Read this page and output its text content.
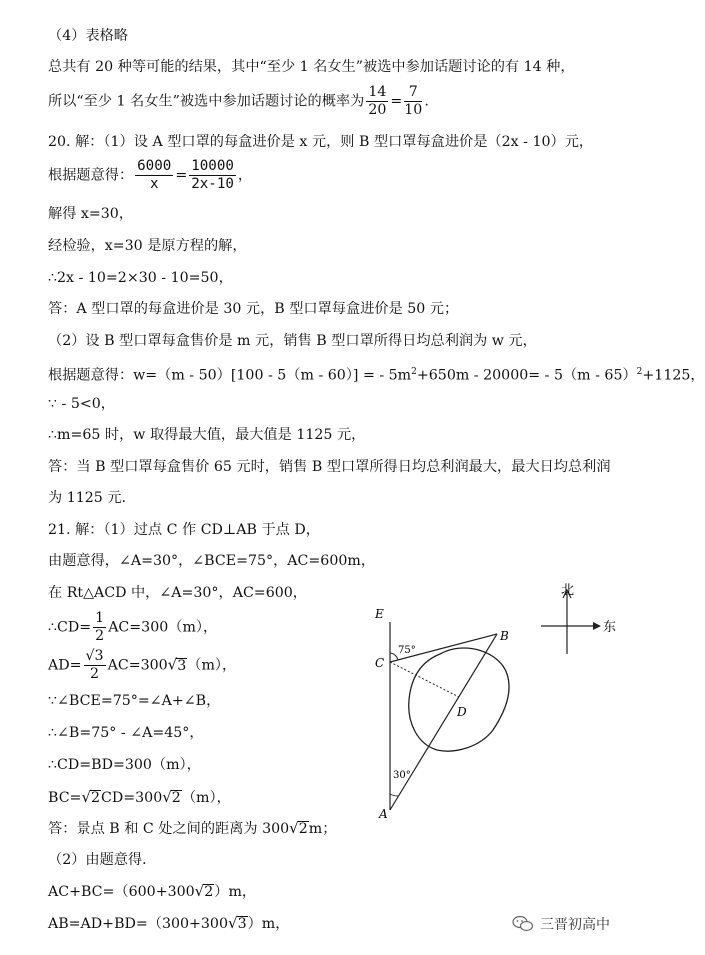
（4）表格略
总共有 20 种等可能的结果，其中“至少 1 名女生”被选中参加话题讨论的有 14 种，
所以“至少 1 名女生”被选中参加话题讨论的概率为 $\frac{14}{20} = \frac{7}{10}$ .
20. 解：（1）设 A 型口罩的每盒进价是 x 元，则 B 型口罩每盒进价是（2x - 10）元，
根据题意得： $\frac{6000}{x} = \frac{10000}{2x-10}$ ，
解得 x=30，
经检验，x=30 是原方程的解，
∴2x - 10=2×30 - 10=50，
答：A 型口罩的每盒进价是 30 元，B 型口罩每盒进价是 50 元；
（2）设 B 型口罩每盒售价是 m 元，销售 B 型口罩所得日均总利润为 w 元，
根据题意得：w=（m - 50）[100 - 5（m - 60）] = - $5m^2+650m - 20000= - 5(m - 65)^2+1125$，
∵ - 5<0，
∴m=65 时，w 取得最大值，最大值是 1125 元，
答：当 B 型口罩每盒售价 65 元时，销售 B 型口罩所得日均总利润最大，最大日均总利润
为 1125 元．
21. 解：（1）过点 C 作 CD⊥AB 于点 D，
由题意得，∠A=30°，∠BCE=75°，AC=600m，
在 Rt△ACD 中，∠A=30°，AC=600，
∴CD= $\frac{1}{2} AC=300(m)$，
$AD= \frac{√3}{2} AC=300√3(m)$，
∵∠BCE=75°=∠A+∠B，
∴∠B=75° - ∠A=45°，
∴CD=BD=300（m），
BC=√2CD=300√2（m），
答：景点 B 和 C 处之间的距离为 300√2m；
（2）由题意得．
AC+BC=（600+300√2）m，
AB=AD+BD=（300+300√3）m，
E
C
B
D
A
75°
30°
北
东
三晋初高中
